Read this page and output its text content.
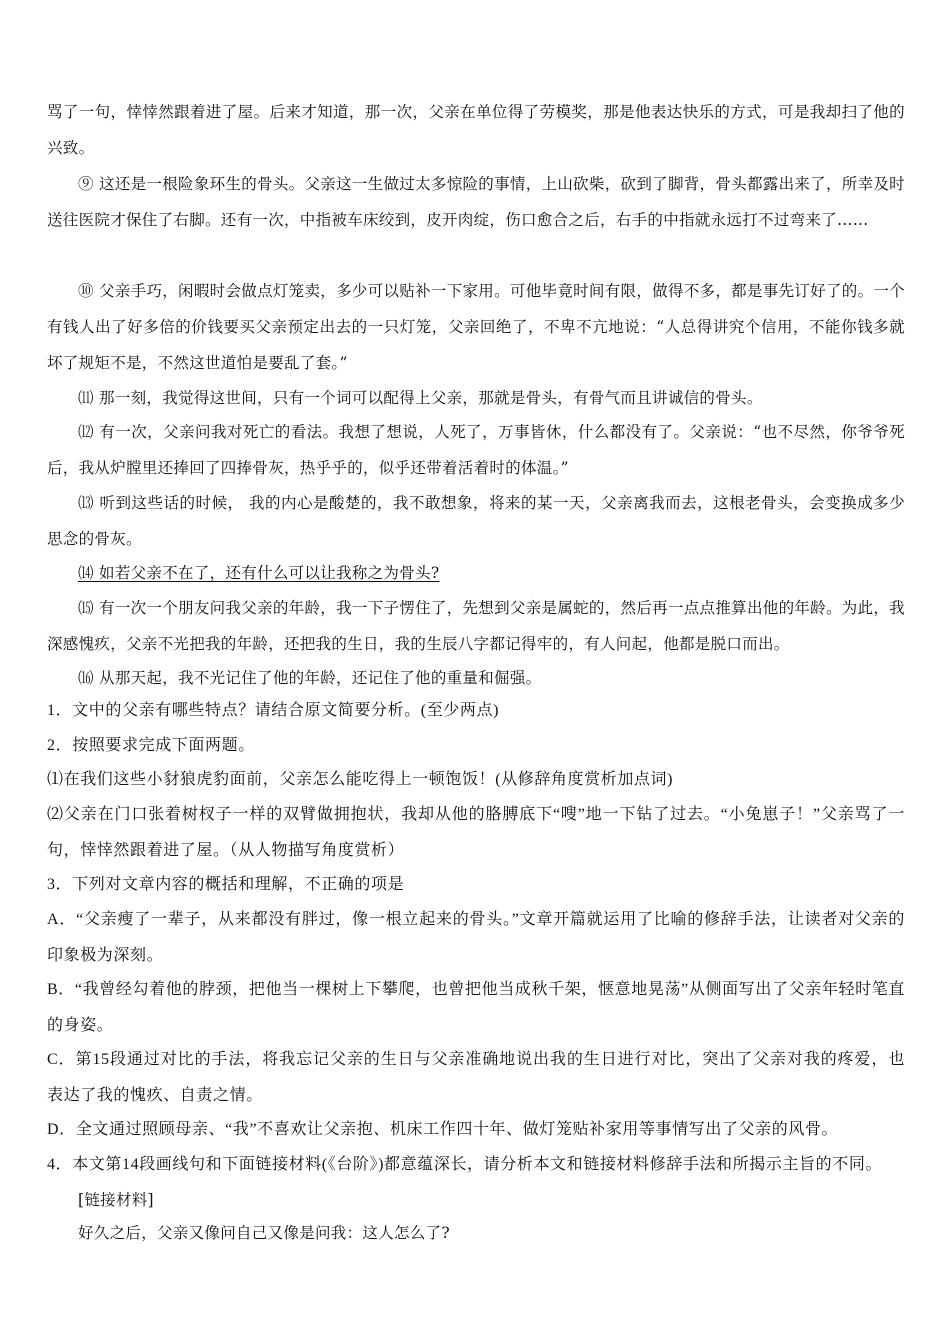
骂了一句，悻悻然跟着进了屋。后来才知道，那一次，父亲在单位得了劳模奖，那是他表达快乐的方式，可是我却扫了他的兴致。
⑨ 这还是一根险象环生的骨头。父亲这一生做过太多惊险的事情，上山砍柴，砍到了脚背，骨头都露出来了，所幸及时送往医院才保住了右脚。还有一次，中指被车床绞到，皮开肉绽，伤口愈合之后，右手的中指就永远打不过弯来了……
⑩ 父亲手巧，闲暇时会做点灯笼卖，多少可以贴补一下家用。可他毕竟时间有限，做得不多，都是事先订好了的。一个有钱人出了好多倍的价钱要买父亲预定出去的一只灯笼，父亲回绝了，不卑不亢地说：“人总得讲究个信用，不能你钱多就坏了规矩不是，不然这世道怕是要乱了套。”
⑾ 那一刻，我觉得这世间，只有一个词可以配得上父亲，那就是骨头，有骨气而且讲诚信的骨头。
⑿ 有一次，父亲问我对死亡的看法。我想了想说，人死了，万事皆休，什么都没有了。父亲说：“也不尽然，你爷爷死后，我从炉膛里还捧回了四捧骨灰，热乎乎的，似乎还带着活着时的体温。”
⒀ 听到这些话的时候， 我的内心是酸楚的，我不敢想象，将来的某一天，父亲离我而去，这根老骨头，会变换成多少思念的骨灰。
⒁ 如若父亲不在了，还有什么可以让我称之为骨头?
⒂ 有一次一个朋友问我父亲的年龄，我一下子愣住了，先想到父亲是属蛇的，然后再一点点推算出他的年龄。为此，我深感愧疚，父亲不光把我的年龄，还把我的生日，我的生辰八字都记得牢的，有人问起，他都是脱口而出。
⒃ 从那天起，我不光记住了他的年龄，还记住了他的重量和倔强。
1．文中的父亲有哪些特点？请结合原文简要分析。(至少两点)
2．按照要求完成下面两题。
⑴在我们这些小豺狼虎豹面前，父亲怎么能吃得上一顿饱饭！(从修辞角度赏析加点词)
⑵父亲在门口张着树杈子一样的双臂做拥抱状，我却从他的胳膊底下“嗖”地一下钻了过去。“小兔崽子！”父亲骂了一句，悻悻然跟着进了屋。（从人物描写角度赏析）
3．下列对文章内容的概括和理解，不正确的项是
A．“父亲瘦了一辈子，从来都没有胖过，像一根立起来的骨头。”文章开篇就运用了比喻的修辞手法，让读者对父亲的印象极为深刻。
B．“我曾经勾着他的脖颈，把他当一棵树上下攀爬，也曾把他当成秋千架，惬意地晃荡”从侧面写出了父亲年轻时笔直的身姿。
C．第15段通过对比的手法，将我忘记父亲的生日与父亲准确地说出我的生日进行对比，突出了父亲对我的疼爱，也表达了我的愧疚、自责之情。
D．全文通过照顾母亲、“我”不喜欢让父亲抱、机床工作四十年、做灯笼贴补家用等事情写出了父亲的风骨。
4．本文第14段画线句和下面链接材料(《台阶》)都意蕴深长，请分析本文和链接材料修辞手法和所揭示主旨的不同。
[链接材料]
好久之后，父亲又像问自己又像是问我：这人怎么了?
